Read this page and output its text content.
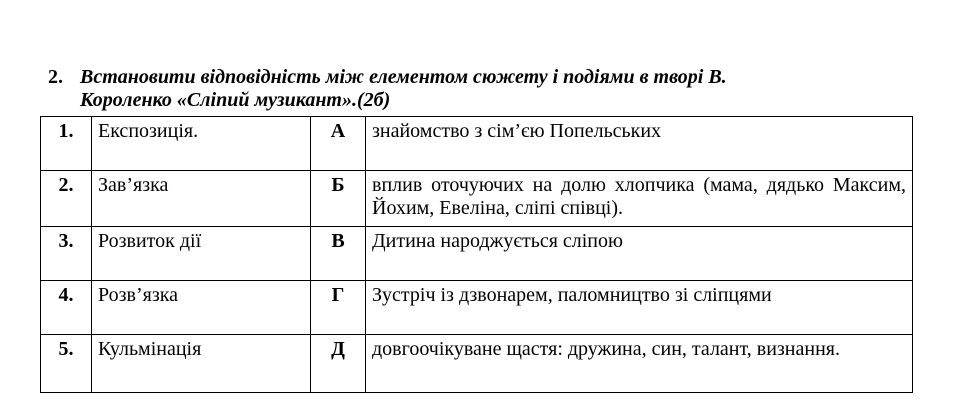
2. Встановити відповідність між елементом сюжету і подіями в творі В.
Короленко «Сліпий музикант».(2б)
1.	Експозиція.	А	знайомство з сім’єю Попельських
2.	Зав’язка	Б	вплив оточуючих на долю хлопчика (мама, дядько Максим, Йохим, Евеліна, сліпі співці).
3.	Розвиток дії	В	Дитина народжується сліпою
4.	Розв’язка	Г	Зустріч із дзвонарем, паломництво зі сліпцями
5.	Кульмінація	Д	довгоочікуване щастя: дружина, син, талант, визнання.
